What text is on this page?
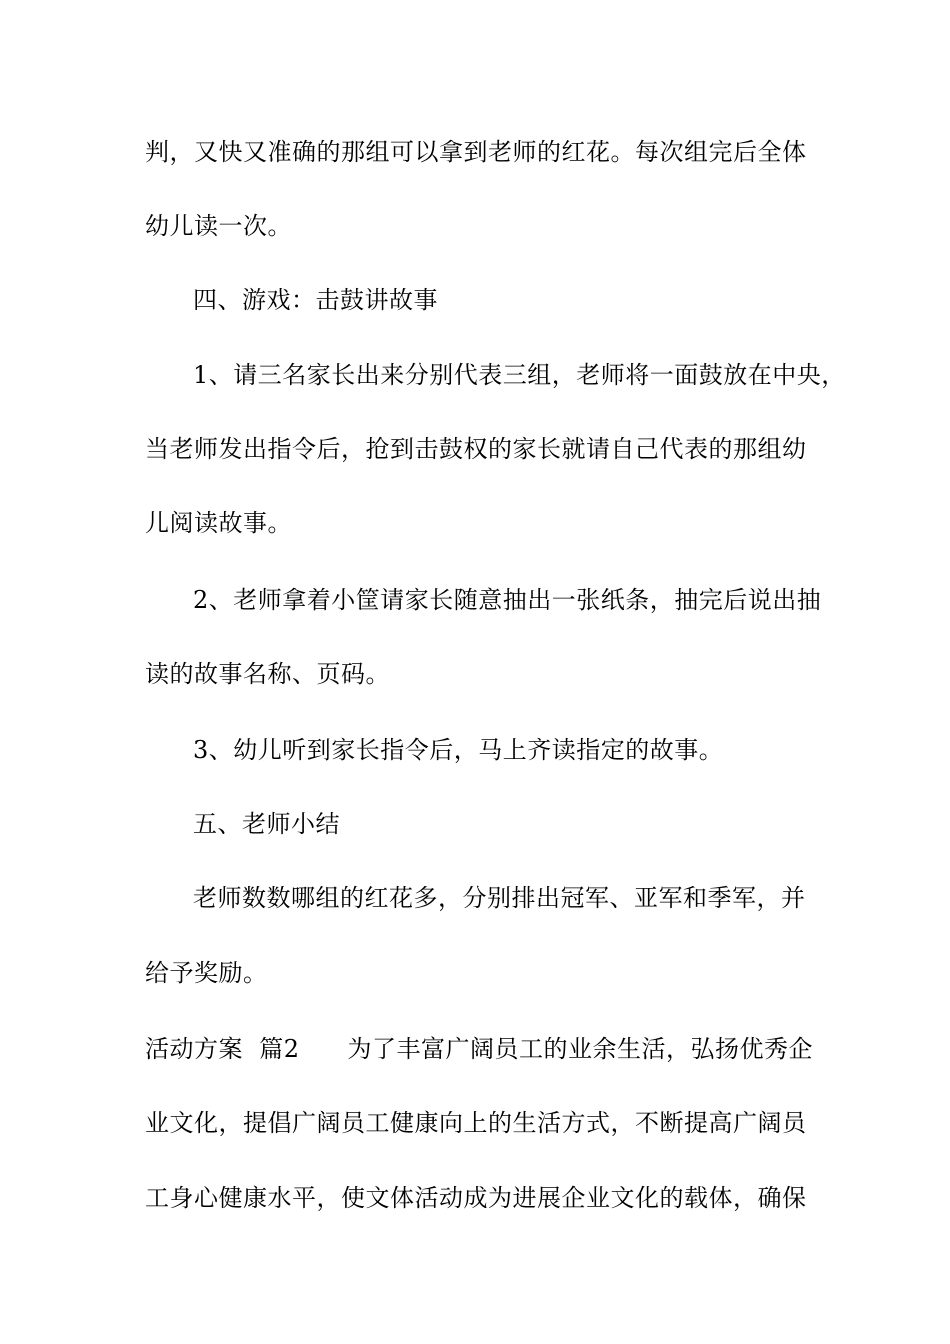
判，又快又准确的那组可以拿到老师的红花。每次组完后全体
幼儿读一次。
四、游戏：击鼓讲故事
1、请三名家长出来分别代表三组，老师将一面鼓放在中央，
当老师发出指令后，抢到击鼓权的家长就请自己代表的那组幼
儿阅读故事。
2、老师拿着小筐请家长随意抽出一张纸条，抽完后说出抽
读的故事名称、页码。
3、幼儿听到家长指令后，马上齐读指定的故事。
五、老师小结
老师数数哪组的红花多，分别排出冠军、亚军和季军，并
给予奖励。
活动方案  篇2 为了丰富广阔员工的业余生活，弘扬优秀企
业文化，提倡广阔员工健康向上的生活方式，不断提高广阔员
工身心健康水平，使文体活动成为进展企业文化的载体，确保
